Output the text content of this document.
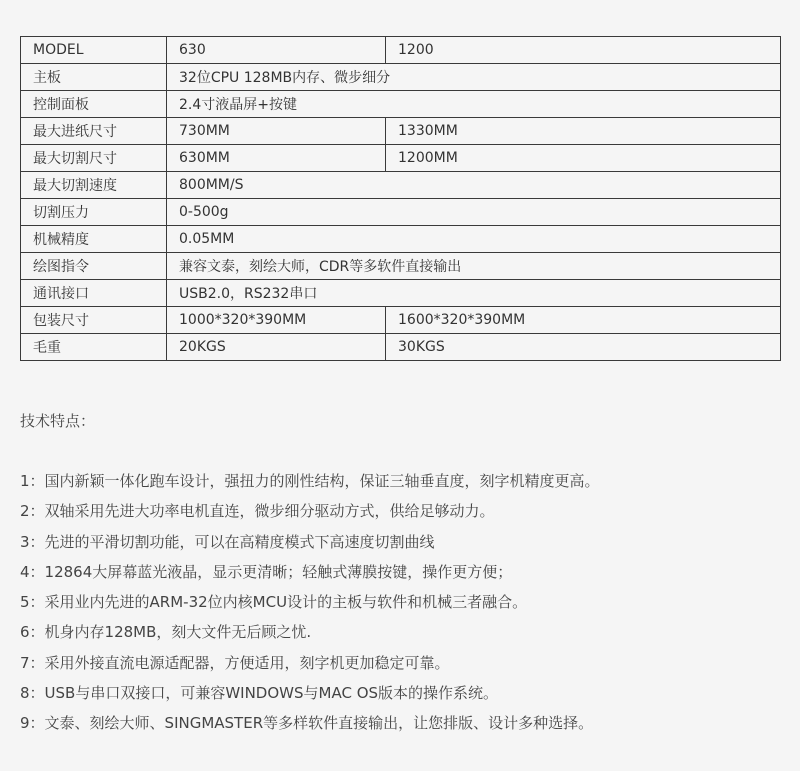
MODEL	630	1200
主板	32位CPU 128MB内存、微步细分	
控制面板	2.4寸液晶屏+按键	
最大进纸尺寸	730MM	1330MM
最大切割尺寸	630MM	1200MM
最大切割速度	800MM/S	
切割压力	0-500g	
机械精度	0.05MM	
绘图指令	兼容文泰，刻绘大师，CDR等多软件直接输出	
通讯接口	USB2.0，RS232串口	
包装尺寸	1000*320*390MM	1600*320*390MM
毛重	20KGS	30KGS
技术特点：
1：国内新颖一体化跑车设计，强扭力的刚性结构，保证三轴垂直度，刻字机精度更高。
2：双轴采用先进大功率电机直连，微步细分驱动方式，供给足够动力。
3：先进的平滑切割功能，可以在高精度模式下高速度切割曲线
4：12864大屏幕蓝光液晶，显示更清晰；轻触式薄膜按键，操作更方便；
5：采用业内先进的ARM-32位内核MCU设计的主板与软件和机械三者融合。
6：机身内存128MB，刻大文件无后顾之忧.
7：采用外接直流电源适配器，方便适用，刻字机更加稳定可靠。
8：USB与串口双接口，可兼容WINDOWS与MAC OS版本的操作系统。
9：文泰、刻绘大师、SINGMASTER等多样软件直接输出，让您排版、设计多种选择。
